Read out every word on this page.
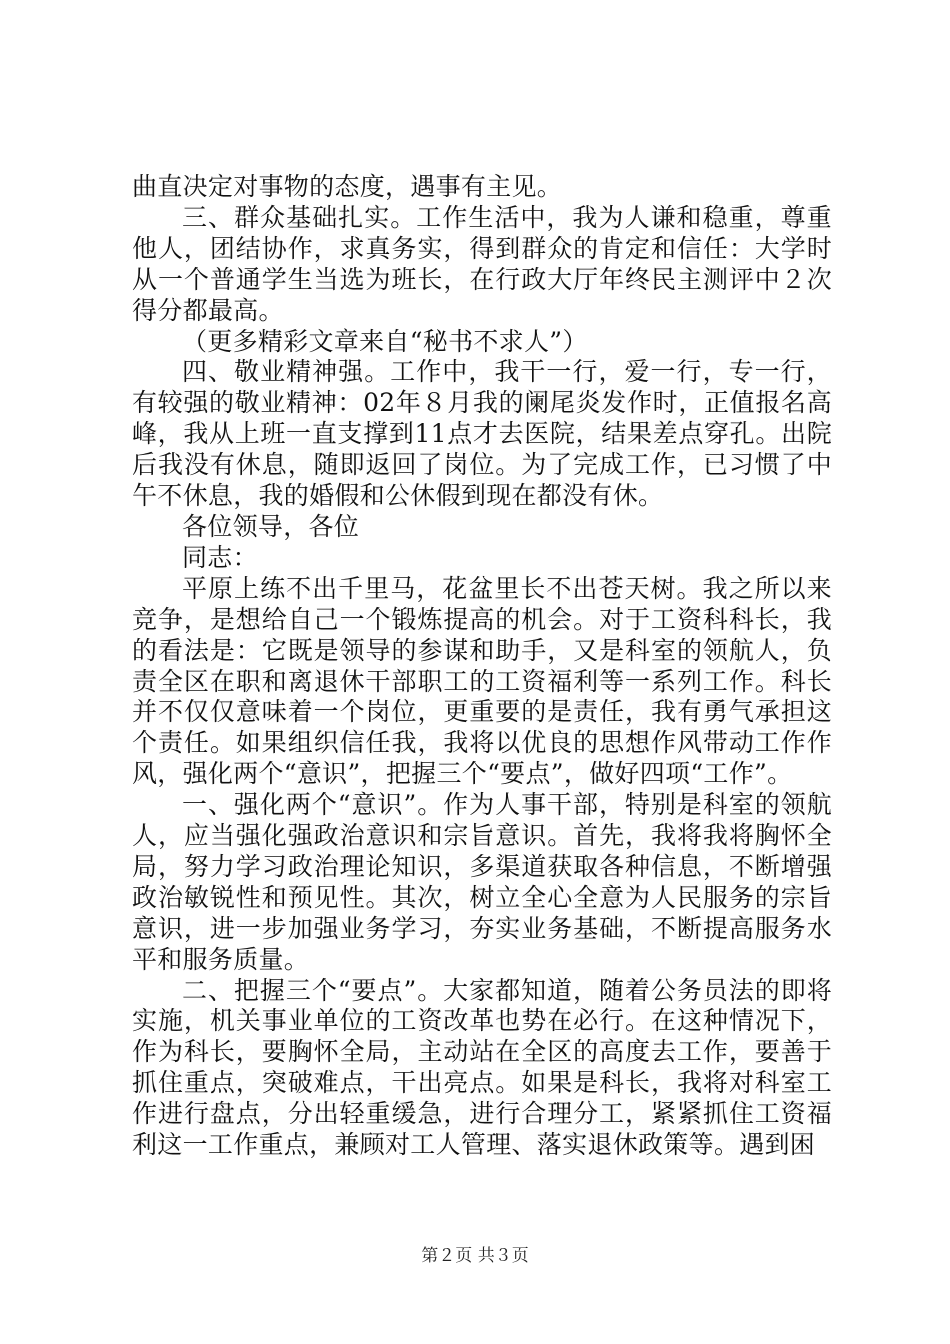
曲直决定对事物的态度，遇事有主见。

三、群众基础扎实。工作生活中，我为人谦和稳重，尊重他人，团结协作，求真务实，得到群众的肯定和信任：大学时从一个普通学生当选为班长，在行政大厅年终民主测评中２次得分都最高。

（更多精彩文章来自“秘书不求人”）

四、敬业精神强。工作中，我干一行，爱一行，专一行，有较强的敬业精神：02年８月我的阑尾炎发作时，正值报名高峰，我从上班一直支撑到11点才去医院，结果差点穿孔。出院后我没有休息，随即返回了岗位。为了完成工作，已习惯了中午不休息，我的婚假和公休假到现在都没有休。

各位领导，各位

同志：

平原上练不出千里马，花盆里长不出苍天树。我之所以来竞争，是想给自己一个锻炼提高的机会。对于工资科科长，我的看法是：它既是领导的参谋和助手，又是科室的领航人，负责全区在职和离退休干部职工的工资福利等一系列工作。科长并不仅仅意味着一个岗位，更重要的是责任，我有勇气承担这个责任。如果组织信任我，我将以优良的思想作风带动工作作风，强化两个“意识”，把握三个“要点”，做好四项“工作”。

一、强化两个“意识”。作为人事干部，特别是科室的领航人，应当强化强政治意识和宗旨意识。首先，我将我将胸怀全局，努力学习政治理论知识，多渠道获取各种信息，不断增强政治敏锐性和预见性。其次，树立全心全意为人民服务的宗旨意识，进一步加强业务学习，夯实业务基础，不断提高服务水平和服务质量。

二、把握三个“要点”。大家都知道，随着公务员法的即将实施，机关事业单位的工资改革也势在必行。在这种情况下，作为科长，要胸怀全局，主动站在全区的高度去工作，要善于抓住重点，突破难点，干出亮点。如果是科长，我将对科室工作进行盘点，分出轻重缓急，进行合理分工，紧紧抓住工资福利这一工作重点，兼顾对工人管理、落实退休政策等。遇到困

第２页 共３页
